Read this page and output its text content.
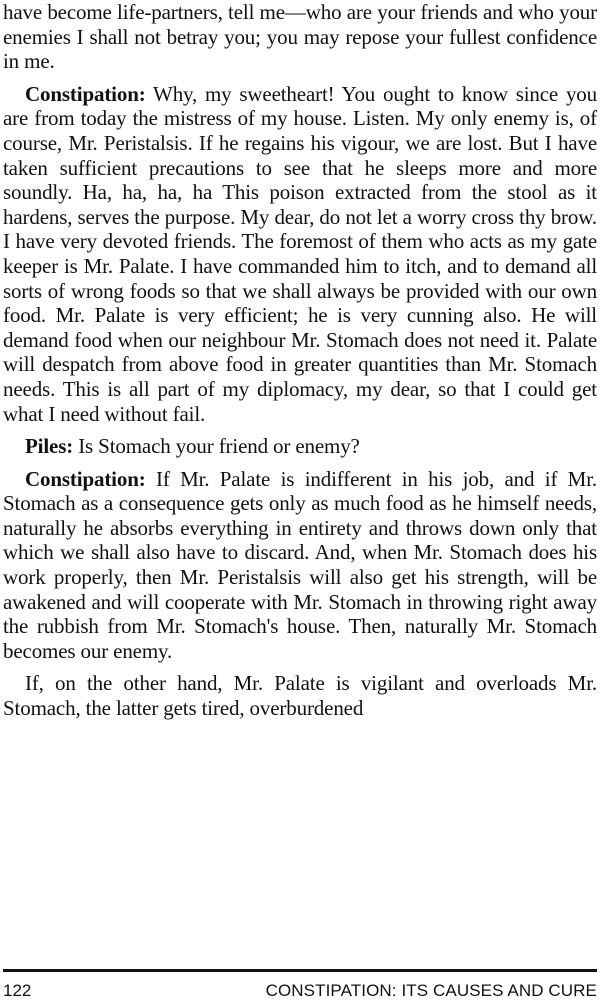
have become life-partners, tell me—who are your friends and who your enemies I shall not betray you; you may repose your fullest confidence in me.

Constipation: Why, my sweetheart! You ought to know since you are from today the mistress of my house. Listen. My only enemy is, of course, Mr. Peristalsis. If he regains his vigour, we are lost. But I have taken sufficient precautions to see that he sleeps more and more soundly. Ha, ha, ha, ha This poison extracted from the stool as it hardens, serves the purpose. My dear, do not let a worry cross thy brow. I have very devoted friends. The foremost of them who acts as my gate keeper is Mr. Palate. I have commanded him to itch, and to demand all sorts of wrong foods so that we shall always be provided with our own food. Mr. Palate is very efficient; he is very cunning also. He will demand food when our neighbour Mr. Stomach does not need it. Palate will despatch from above food in greater quantities than Mr. Stomach needs. This is all part of my diplomacy, my dear, so that I could get what I need without fail.

Piles: Is Stomach your friend or enemy?

Constipation: If Mr. Palate is indifferent in his job, and if Mr. Stomach as a consequence gets only as much food as he himself needs, naturally he absorbs everything in entirety and throws down only that which we shall also have to discard. And, when Mr. Stomach does his work properly, then Mr. Peristalsis will also get his strength, will be awakened and will cooperate with Mr. Stomach in throwing right away the rubbish from Mr. Stomach's house. Then, naturally Mr. Stomach becomes our enemy.

If, on the other hand, Mr. Palate is vigilant and overloads Mr. Stomach, the latter gets tired, overburdened

122	CONSTIPATION: ITS CAUSES AND CURE
